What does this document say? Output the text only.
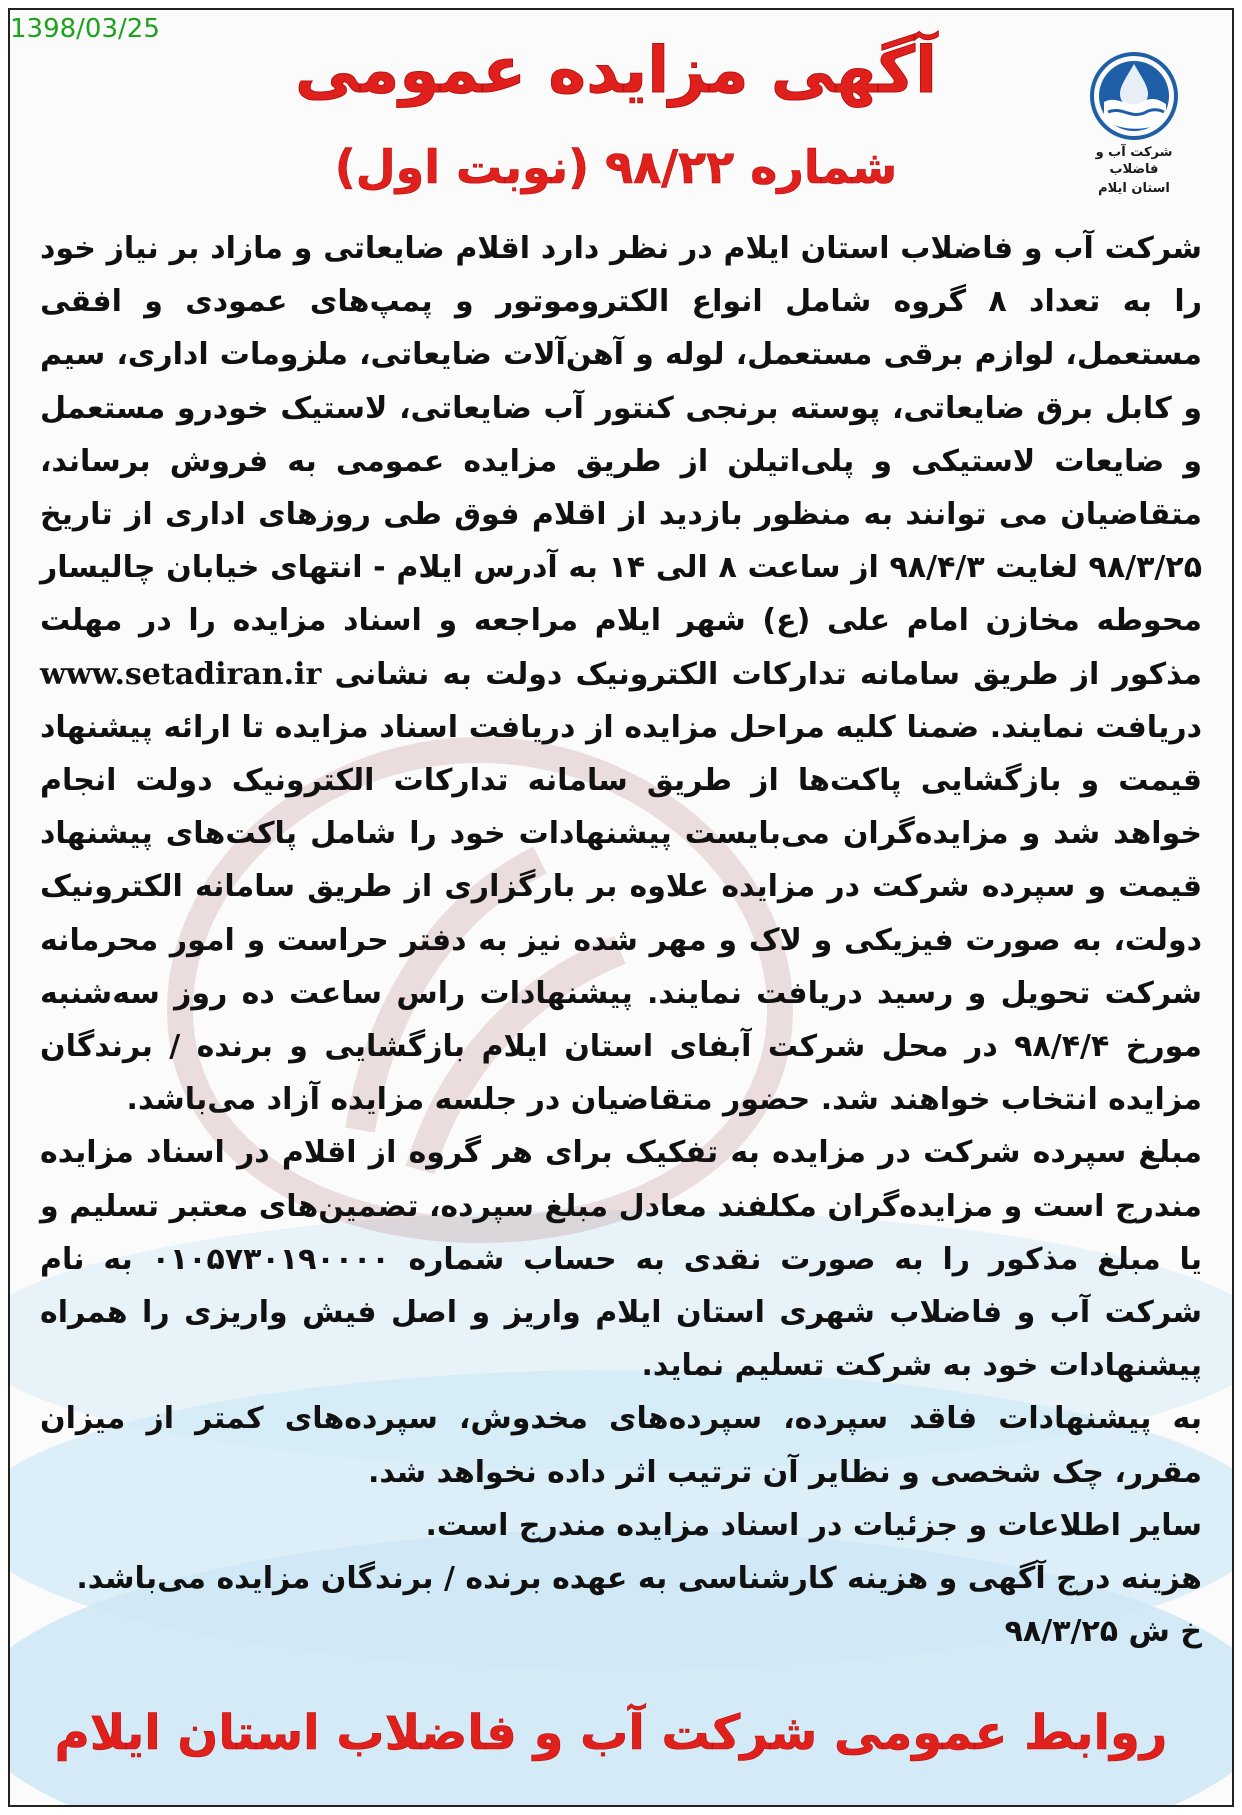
1398/03/25
شرکت آب و فاضلاب
استان ایلام
آگهی مزایده عمومی
شماره ۹۸/۲۲ (نوبت اول)

شرکت آب و فاضلاب استان ایلام در نظر دارد اقلام ضایعاتی و مازاد بر نیاز خود را به تعداد ۸ گروه شامل انواع الکتروموتور و پمپ‌های عمودی و افقی مستعمل، لوازم برقی مستعمل، لوله و آهن‌آلات ضایعاتی، ملزومات اداری، سیم و کابل برق ضایعاتی، پوسته برنجی کنتور آب ضایعاتی، لاستیک خودرو مستعمل و ضایعات لاستیکی و پلی‌اتیلن از طریق مزایده عمومی به فروش برساند، متقاضیان می توانند به منظور بازدید از اقلام فوق طی روزهای اداری از تاریخ ۹۸/۳/۲۵ لغایت ۹۸/۴/۳ از ساعت ۸ الی ۱۴ به آدرس ایلام - انتهای خیابان چالیسار محوطه مخازن امام علی (ع) شهر ایلام مراجعه و اسناد مزایده را در مهلت مذکور از طریق سامانه تدارکات الکترونیک دولت به نشانی www.setadiran.ir دریافت نمایند. ضمنا کلیه مراحل مزایده از دریافت اسناد مزایده تا ارائه پیشنهاد قیمت و بازگشایی پاکت‌ها از طریق سامانه تدارکات الکترونیک دولت انجام خواهد شد و مزایده‌گران می‌بایست پیشنهادات خود را شامل پاکت‌های پیشنهاد قیمت و سپرده شرکت در مزایده علاوه بر بارگزاری از طریق سامانه الکترونیک دولت، به صورت فیزیکی و لاک و مهر شده نیز به دفتر حراست و امور محرمانه شرکت تحویل و رسید دریافت نمایند. پیشنهادات راس ساعت ده روز سه‌شنبه مورخ ۹۸/۴/۴ در محل شرکت آبفای استان ایلام بازگشایی و برنده / برندگان مزایده انتخاب خواهند شد. حضور متقاضیان در جلسه مزایده آزاد می‌باشد.

مبلغ سپرده شرکت در مزایده به تفکیک برای هر گروه از اقلام در اسناد مزایده مندرج است و مزایده‌گران مکلفند معادل مبلغ سپرده، تضمین‌های معتبر تسلیم و یا مبلغ مذکور را به صورت نقدی به حساب شماره ۰۱۰۵۷۳۰۱۹۰۰۰۰ به نام شرکت آب و فاضلاب شهری استان ایلام واریز و اصل فیش واریزی را همراه پیشنهادات خود به شرکت تسلیم نماید.

به پیشنهادات فاقد سپرده، سپرده‌های مخدوش، سپرده‌های کمتر از میزان مقرر، چک شخصی و نظایر آن ترتیب اثر داده نخواهد شد.

سایر اطلاعات و جزئیات در اسناد مزایده مندرج است.

هزینه درج آگهی و هزینه کارشناسی به عهده برنده / برندگان مزایده می‌باشد.

خ ش ۹۸/۳/۲۵

روابط عمومی شرکت آب و فاضلاب استان ایلام
